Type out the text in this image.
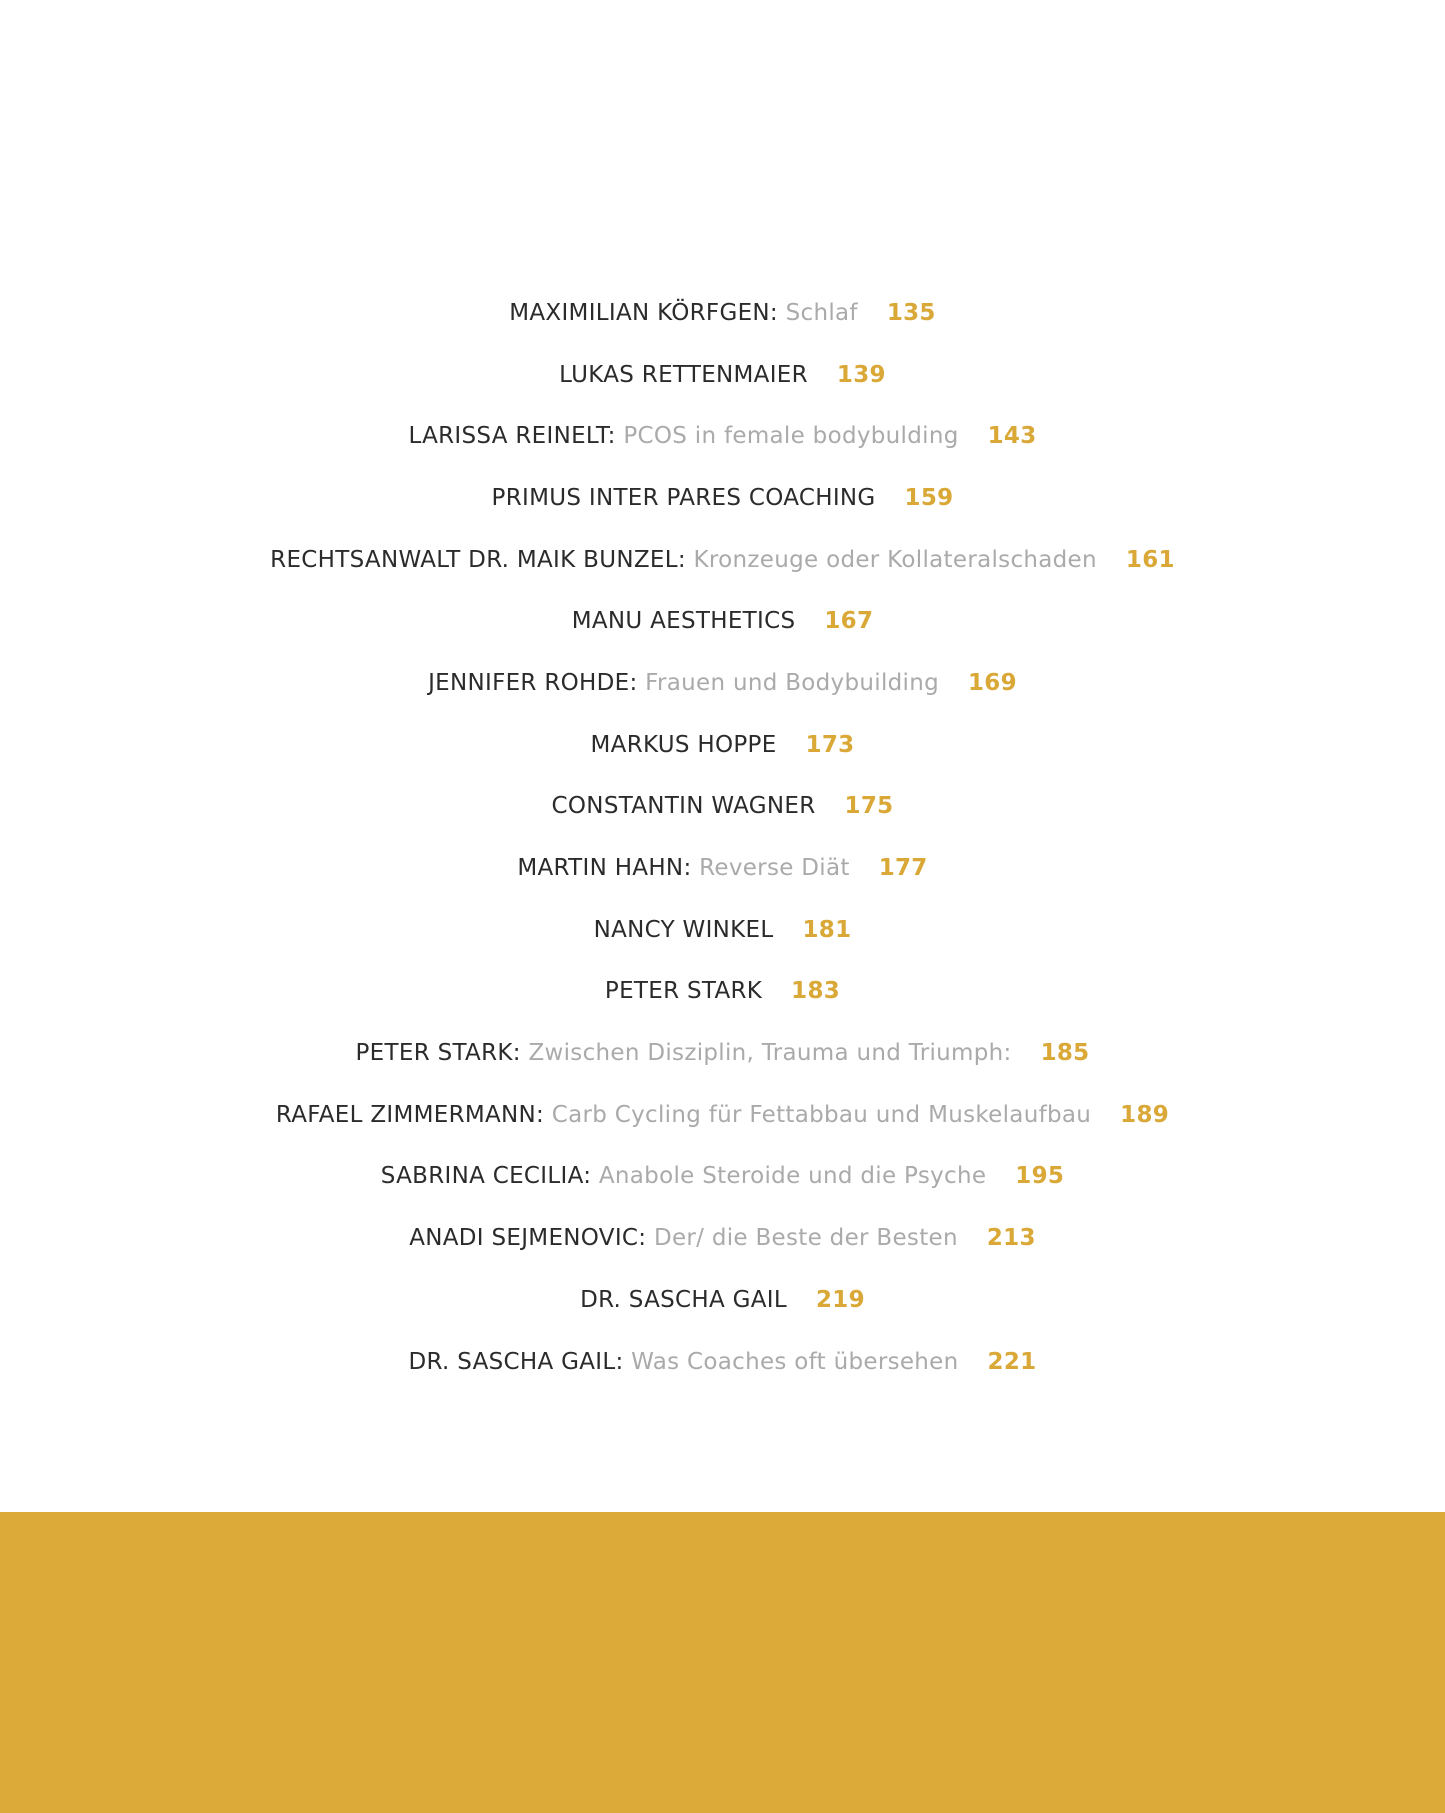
MAXIMILIAN KÖRFGEN:
Schlaf 135
LUKAS RETTENMAIER 139
LARISSA REINELT:
PCOS in female bodybulding 143
PRIMUS INTER PARES COACHING 159
RECHTSANWALT DR. MAIK BUNZEL:
Kronzeuge oder Kollateralschaden 161
MANU AESTHETICS 167
JENNIFER ROHDE:
Frauen und Bodybuilding 169
MARKUS HOPPE 173
CONSTANTIN WAGNER 175
MARTIN HAHN:
Reverse Diät 177
NANCY WINKEL 181
PETER STARK 183
PETER STARK:
Zwischen Disziplin, Trauma und Triumph: 185
RAFAEL ZIMMERMANN:
Carb Cycling für Fettabbau und Muskelaufbau 189
SABRINA CECILIA:
Anabole Steroide und die Psyche 195
ANADI SEJMENOVIC:
Der/ die Beste der Besten 213
DR. SASCHA GAIL 219
DR. SASCHA GAIL:
Was Coaches oft übersehen 221
